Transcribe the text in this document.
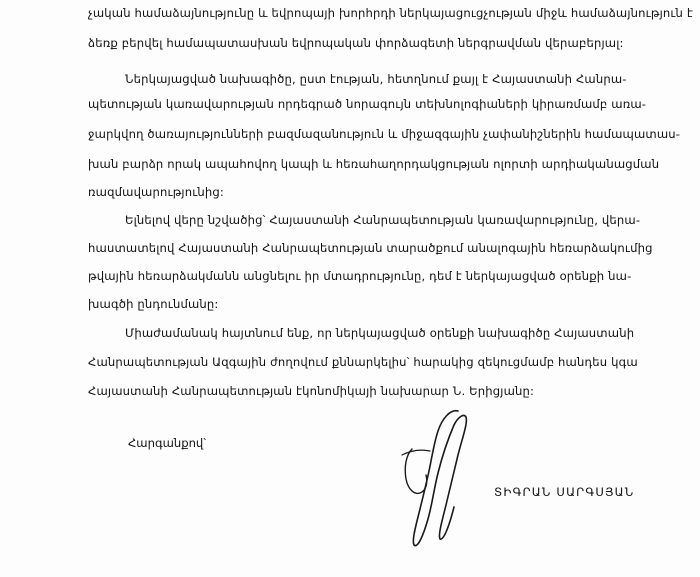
չական համաձայնությունը և եվրոպայի խորհրդի ներկայացուցչության միջև համաձայնություն է
ձեռք բերվել համապատասխան եվրոպական փորձագետի ներգրավման վերաբերյալ:
Ներկայացված նախագիծը, ըստ էության, հետղնում քայլ է Հայաստանի Հանրա-
պետության կառավարության որդեգրած նորագույն տեխնոլոգիաների կիրառմամբ առա-
ջարկվող ծառայությունների բազմազանություն և միջազգային չափանիշներին համապատաս-
խան բարձր որակ ապահովող կապի և հեռահաղորդակցության ոլորտի արդիականացման
ռազմավարությունից:
Ելնելով վերը նշվածից՝ Հայաստանի Հանրապետության կառավարությունը, վերա-
հաստատելով Հայաստանի Հանրապետության տարածքում անալոգային հեռարձակումից
թվային հեռարձակմանն անցնելու իր մտադրությունը, դեմ է ներկայացված օրենքի նա-
խագծի ընդունմանը:
Միաժամանակ հայտնում ենք, որ ներկայացված օրենքի նախագիծը Հայաստանի
Հանրապետության Ազգային ժողովում քննարկելիս՝ հարակից զեկուցմամբ հանդես կգա
Հայաստանի Հանրապետության էկոնոմիկայի նախարար Ն. Երիցյանը:
Հարգանքով՝
ՏԻԳՐԱՆ ՍԱՐԳՍՅԱՆ
